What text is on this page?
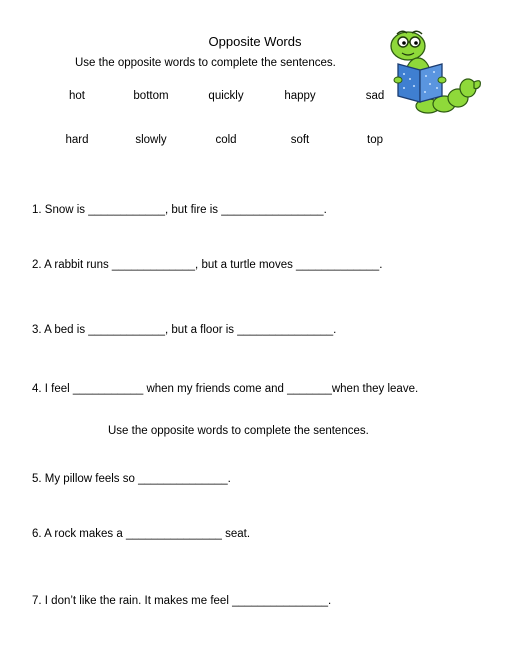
Opposite Words
Use the opposite words to complete the sentences.
hot	bottom	quickly	happy	sad
hard	slowly	cold	soft	top
1. Snow is ____________, but fire is ________________.
2. A rabbit runs _____________, but a turtle moves _____________.
3. A bed is ____________, but a floor is _______________.
4. I feel ___________ when my friends come and _______when they leave.
Use the opposite words to complete the sentences.
5. My pillow feels so ______________.
6. A rock makes a _______________ seat.
7. I don’t like the rain. It makes me feel _______________.
